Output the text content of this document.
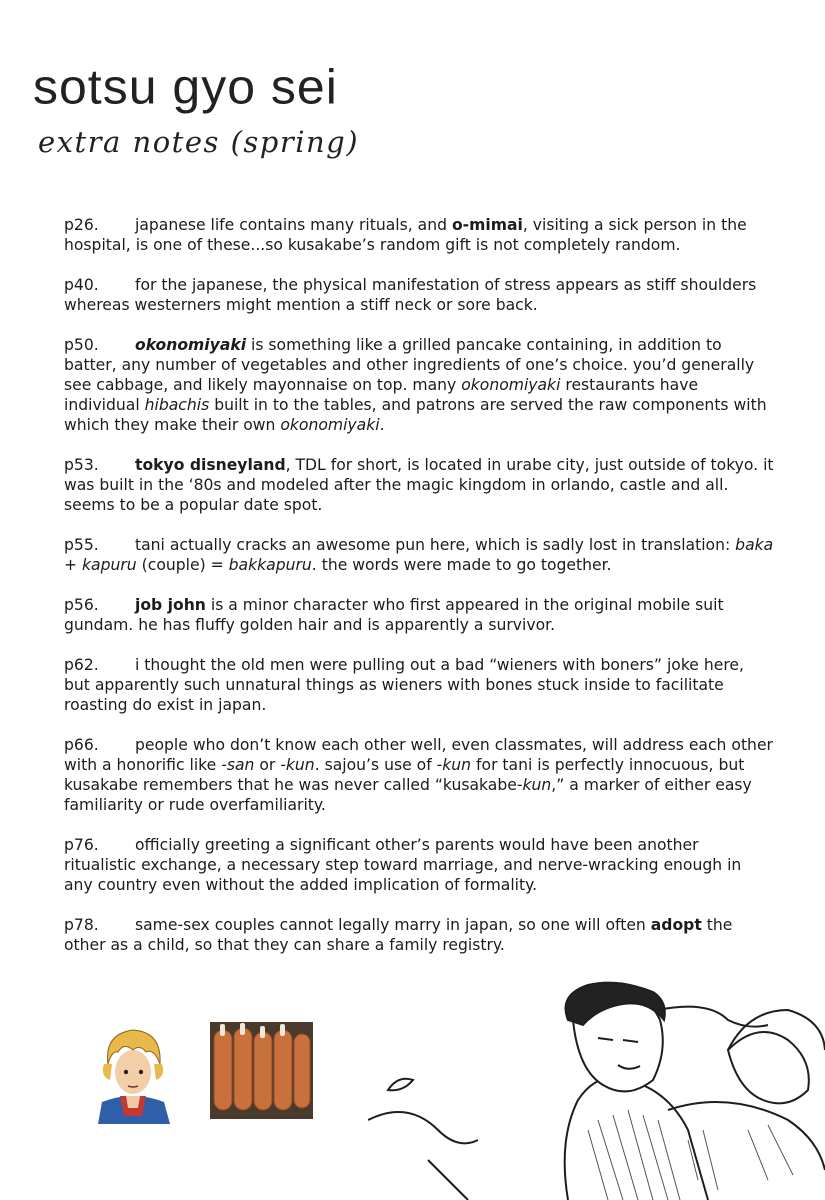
sotsu gyo sei
extra notes (spring)
p26. japanese life contains many rituals, and o-mimai, visiting a sick person in the hospital, is one of these...so kusakabe’s random gift is not completely random.
p40. for the japanese, the physical manifestation of stress appears as stiff shoulders whereas westerners might mention a stiff neck or sore back.
p50. okonomiyaki is something like a grilled pancake containing, in addition to batter, any number of vegetables and other ingredients of one’s choice. you’d generally see cabbage, and likely mayonnaise on top. many okonomiyaki restaurants have individual hibachis built in to the tables, and patrons are served the raw components with which they make their own okonomiyaki.
p53. tokyo disneyland, TDL for short, is located in urabe city, just outside of tokyo. it was built in the ‘80s and modeled after the magic kingdom in orlando, castle and all. seems to be a popular date spot.
p55. tani actually cracks an awesome pun here, which is sadly lost in translation: baka + kapuru (couple) = bakkapuru. the words were made to go together.
p56. job john is a minor character who first appeared in the original mobile suit gundam. he has fluffy golden hair and is apparently a survivor.
p62. i thought the old men were pulling out a bad “wieners with boners” joke here, but apparently such unnatural things as wieners with bones stuck inside to facilitate roasting do exist in japan.
p66. people who don’t know each other well, even classmates, will address each other with a honorific like -san or -kun. sajou’s use of -kun for tani is perfectly innocuous, but kusakabe remembers that he was never called “kusakabe-kun,” a marker of either easy familiarity or rude overfamiliarity.
p76. officially greeting a significant other’s parents would have been another ritualistic exchange, a necessary step toward marriage, and nerve-wracking enough in any country even without the added implication of formality.
p78. same-sex couples cannot legally marry in japan, so one will often adopt the other as a child, so that they can share a family registry.
